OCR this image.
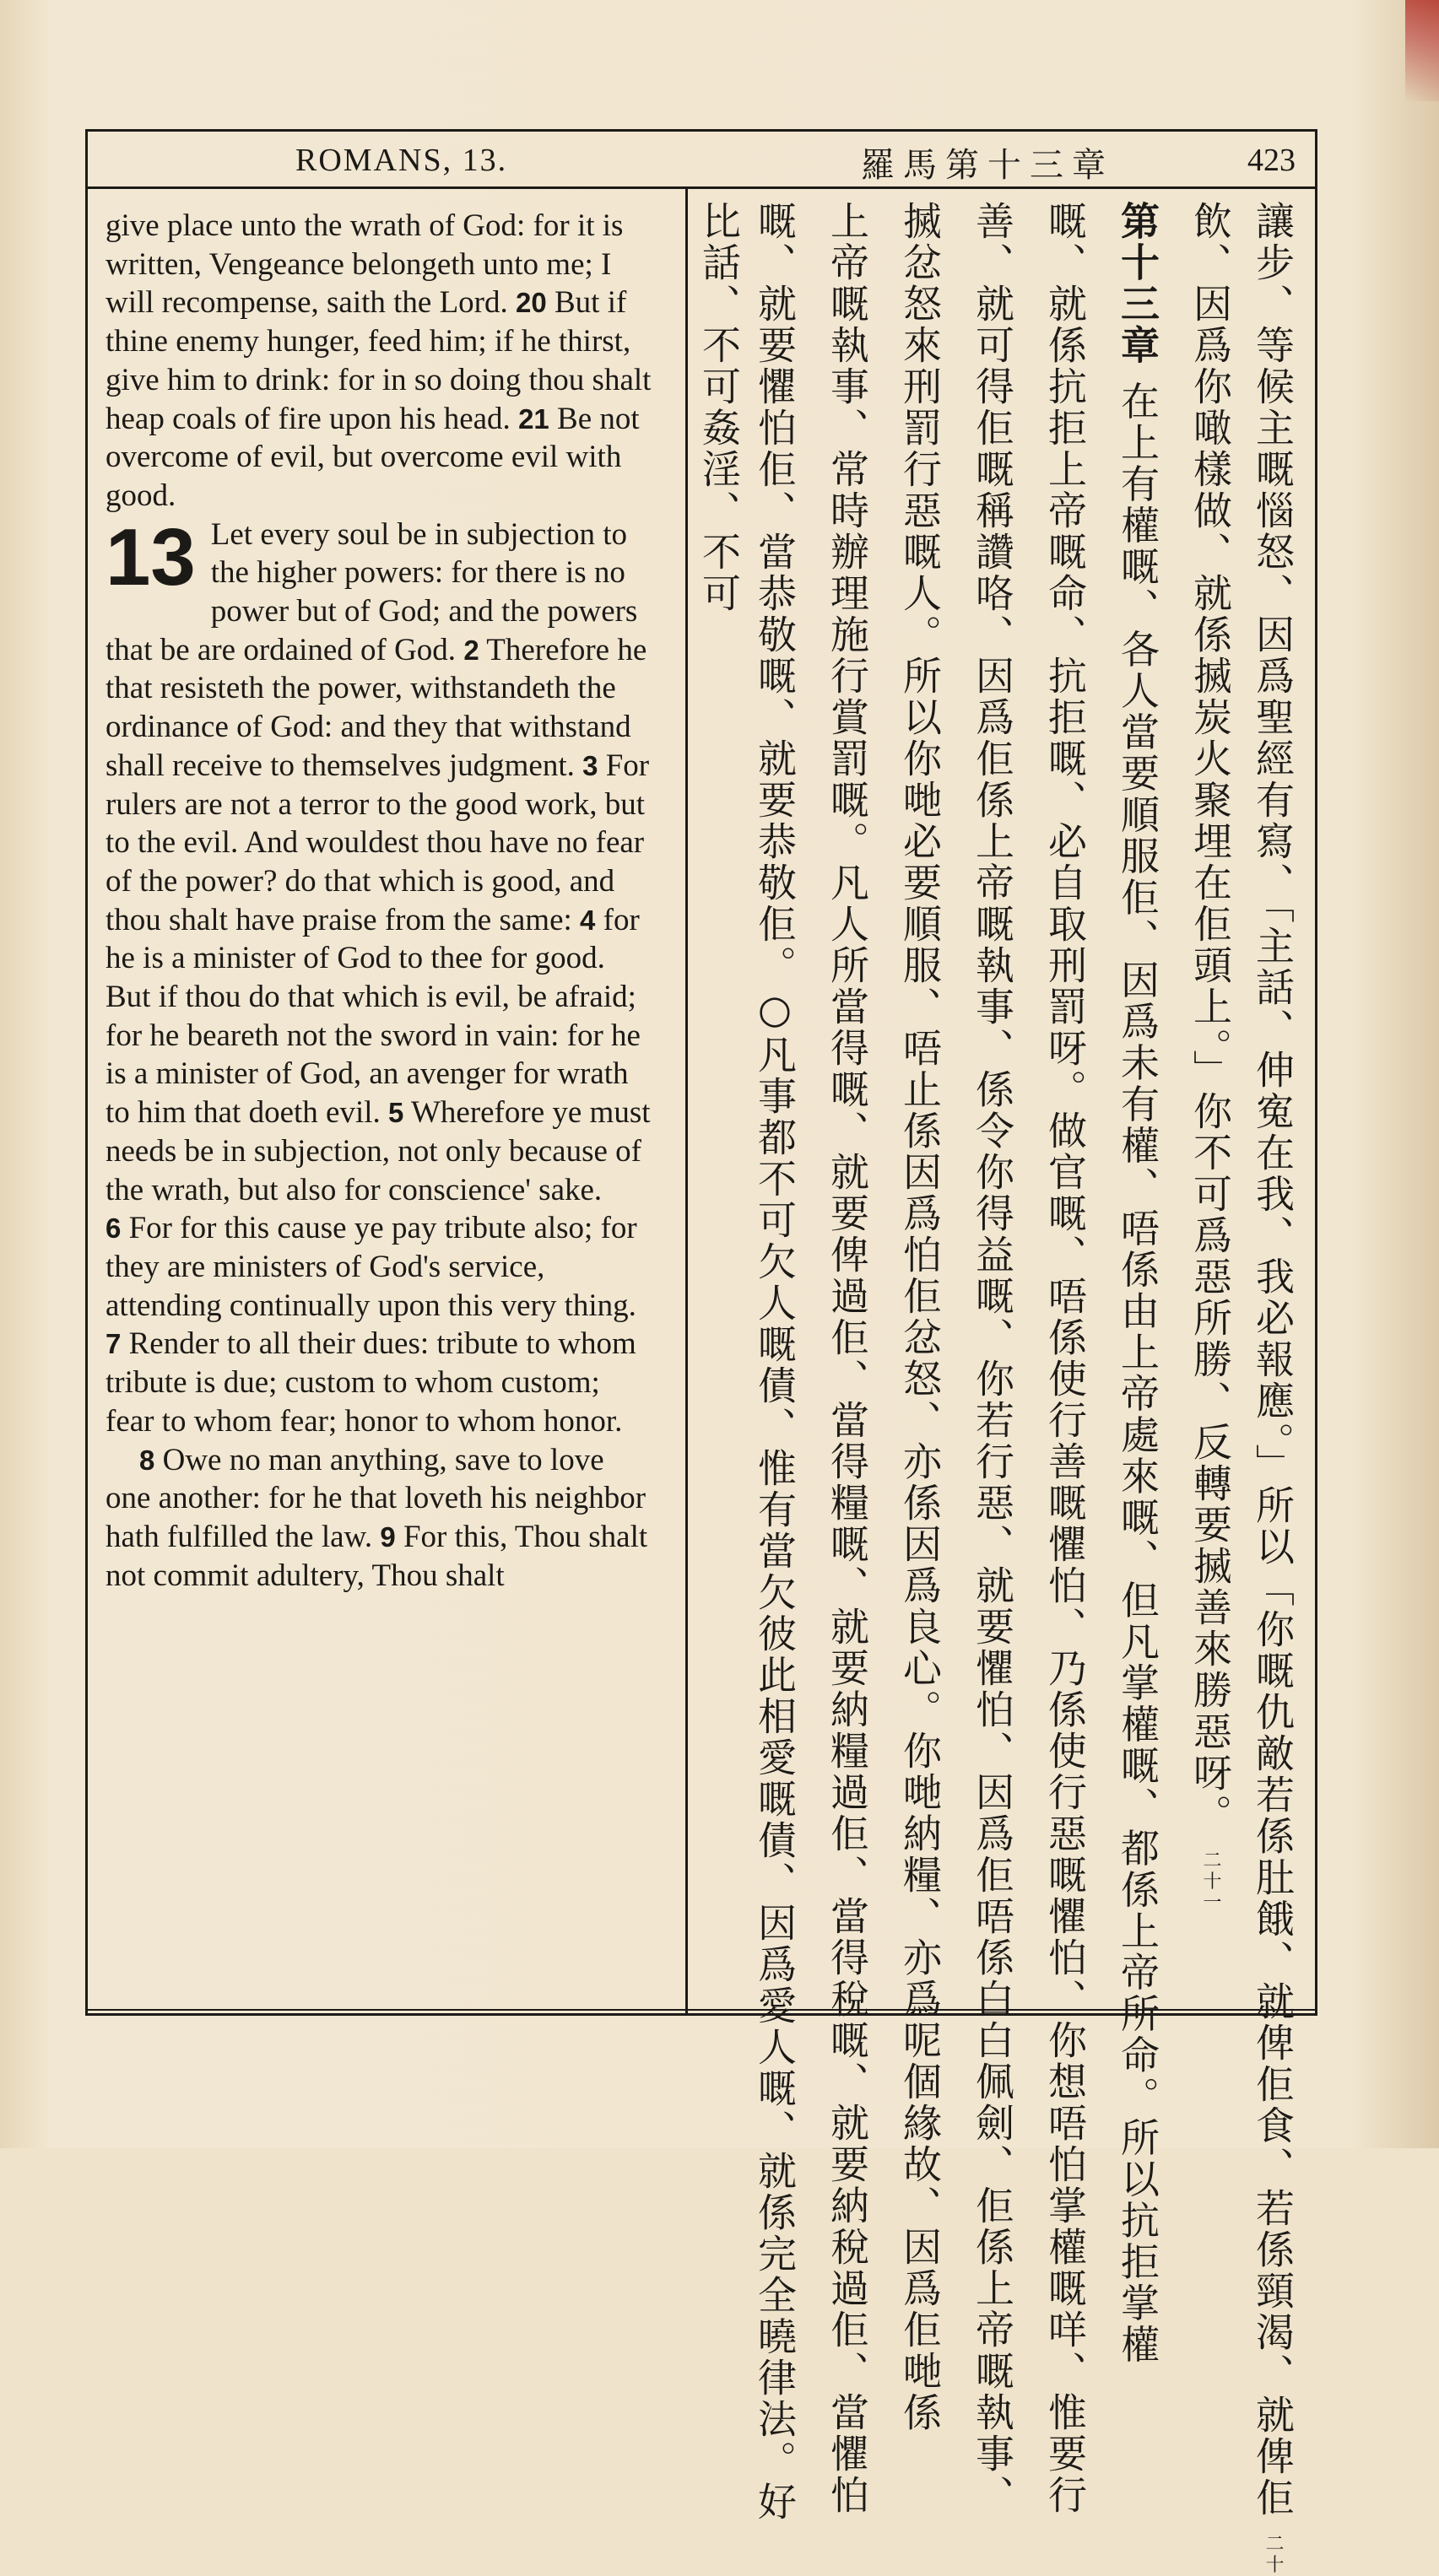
ROMANS, 13.	羅馬第十三章	423

give place unto the wrath of God: for it is written, Vengeance belongeth unto me; I will recompense, saith the Lord. 20 But if thine enemy hunger, feed him; if he thirst, give him to drink: for in so doing thou shalt heap coals of fire upon his head. 21 Be not overcome of evil, but overcome evil with good.

13 Let every soul be in subjection to the higher powers: for there is no power but of God; and the powers that be are ordained of God. 2 Therefore he that resisteth the power, withstandeth the ordinance of God: and they that withstand shall receive to themselves judgment. 3 For rulers are not a terror to the good work, but to the evil. And wouldest thou have no fear of the power? do that which is good, and thou shalt have praise from the same: 4 for he is a minister of God to thee for good. But if thou do that which is evil, be afraid; for he beareth not the sword in vain: for he is a minister of God, an avenger for wrath to him that doeth evil. 5 Wherefore ye must needs be in subjection, not only because of the wrath, but also for conscience' sake.

6 For for this cause ye pay tribute also; for they are ministers of God's service, attending continually upon this very thing. 7 Render to all their dues: tribute to whom tribute is due; custom to whom custom; fear to whom fear; honor to whom honor.

8 Owe no man anything, save to love one another: for he that loveth his neighbor hath fulfilled the law. 9 For this, Thou shalt not commit adultery, Thou shalt	讓步、等候主嘅惱怒、因爲聖經有寫、「主話、伸寃在我、我必報應。」所以「你嘅仇敵若係肚餓、就俾佢食、若係頸渴、就俾佢 二十
飲、因爲你噉樣做、就係搣炭火聚埋在佢頭上。」你不可爲惡所勝、反轉要搣善來勝惡呀。 二十一
第十三章 在上有權嘅、各人當要順服佢、因爲未有權、唔係由上帝處來嘅、但凡掌權嘅、都係上帝所命。所以抗拒掌權
嘅、就係抗拒上帝嘅命、抗拒嘅、必自取刑罰呀。做官嘅、唔係使行善嘅懼怕、乃係使行惡嘅懼怕、你想唔怕掌權嘅咩、惟要行
善、就可得佢嘅稱讚咯、因爲佢係上帝嘅執事、係令你得益嘅、你若行惡、就要懼怕、因爲佢唔係白白佩劍、佢係上帝嘅執事、
搣忿怒來刑罰行惡嘅人。所以你哋必要順服、唔止係因爲怕佢忿怒、亦係因爲良心。你哋納糧、亦爲呢個緣故、因爲佢哋係
上帝嘅執事、常時辦理施行賞罰嘅。凡人所當得嘅、就要俾過佢、當得糧嘅、就要納糧過佢、當得稅嘅、就要納稅過佢、當懼怕
嘅、就要懼怕佢、當恭敬嘅、就要恭敬佢。○凡事都不可欠人嘅債、惟有當欠彼此相愛嘅債、因爲愛人嘅、就係完全曉律法。好
比話、不可姦淫、不可
